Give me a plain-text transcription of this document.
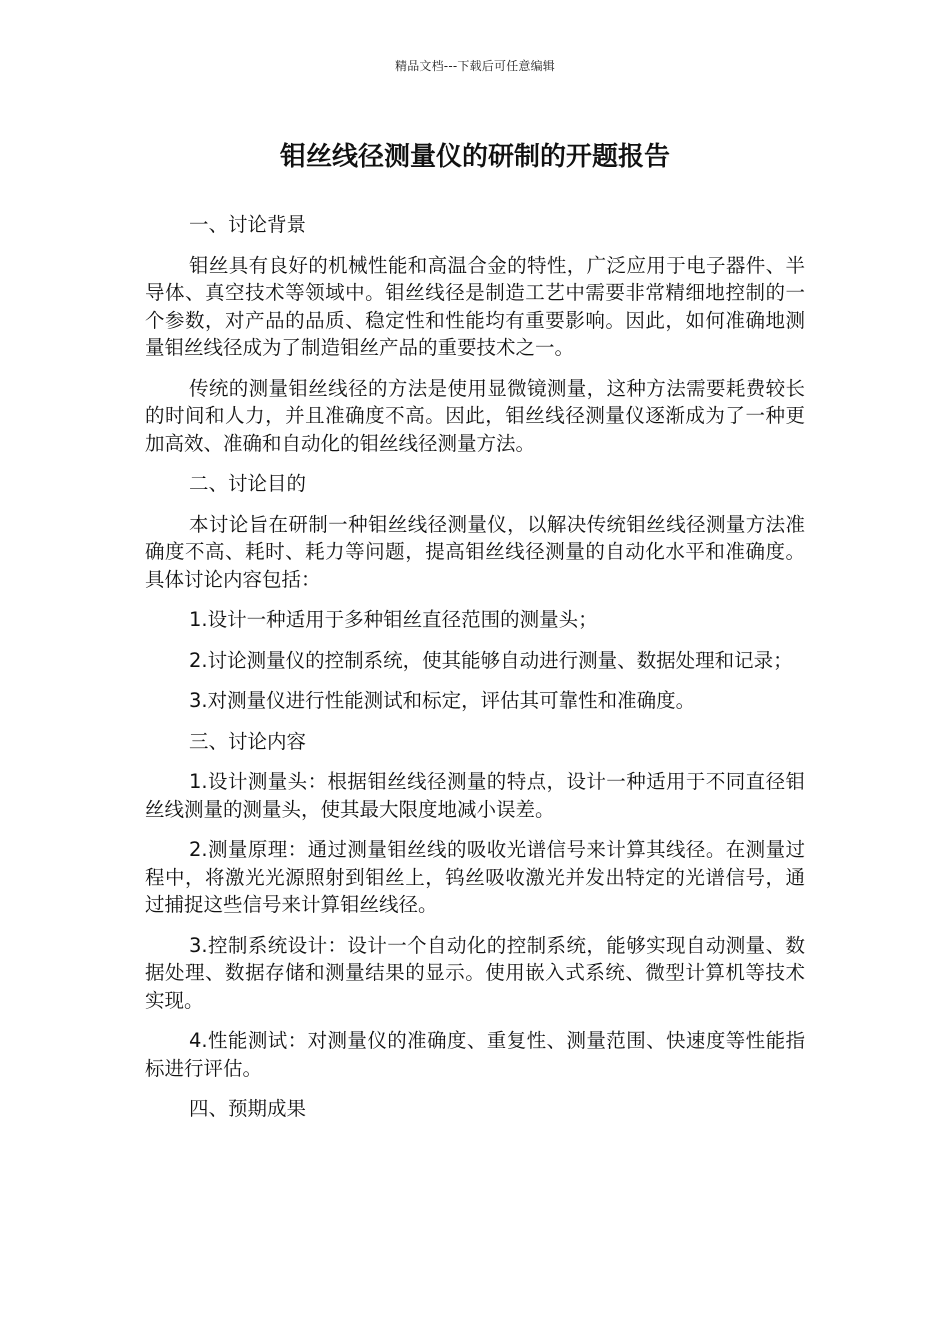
精品文档---下载后可任意编辑
钼丝线径测量仪的研制的开题报告
一、讨论背景
钼丝具有良好的机械性能和高温合金的特性，广泛应用于电子器件、半导体、真空技术等领域中。钼丝线径是制造工艺中需要非常精细地控制的一个参数，对产品的品质、稳定性和性能均有重要影响。因此，如何准确地测量钼丝线径成为了制造钼丝产品的重要技术之一。
传统的测量钼丝线径的方法是使用显微镜测量，这种方法需要耗费较长的时间和人力，并且准确度不高。因此，钼丝线径测量仪逐渐成为了一种更加高效、准确和自动化的钼丝线径测量方法。
二、讨论目的
本讨论旨在研制一种钼丝线径测量仪，以解决传统钼丝线径测量方法准确度不高、耗时、耗力等问题，提高钼丝线径测量的自动化水平和准确度。具体讨论内容包括：
1.设计一种适用于多种钼丝直径范围的测量头；
2.讨论测量仪的控制系统，使其能够自动进行测量、数据处理和记录；
3.对测量仪进行性能测试和标定，评估其可靠性和准确度。
三、讨论内容
1.设计测量头：根据钼丝线径测量的特点，设计一种适用于不同直径钼丝线测量的测量头，使其最大限度地减小误差。
2.测量原理：通过测量钼丝线的吸收光谱信号来计算其线径。在测量过程中，将激光光源照射到钼丝上，钨丝吸收激光并发出特定的光谱信号，通过捕捉这些信号来计算钼丝线径。
3.控制系统设计：设计一个自动化的控制系统，能够实现自动测量、数据处理、数据存储和测量结果的显示。使用嵌入式系统、微型计算机等技术实现。
4.性能测试：对测量仪的准确度、重复性、测量范围、快速度等性能指标进行评估。
四、预期成果
